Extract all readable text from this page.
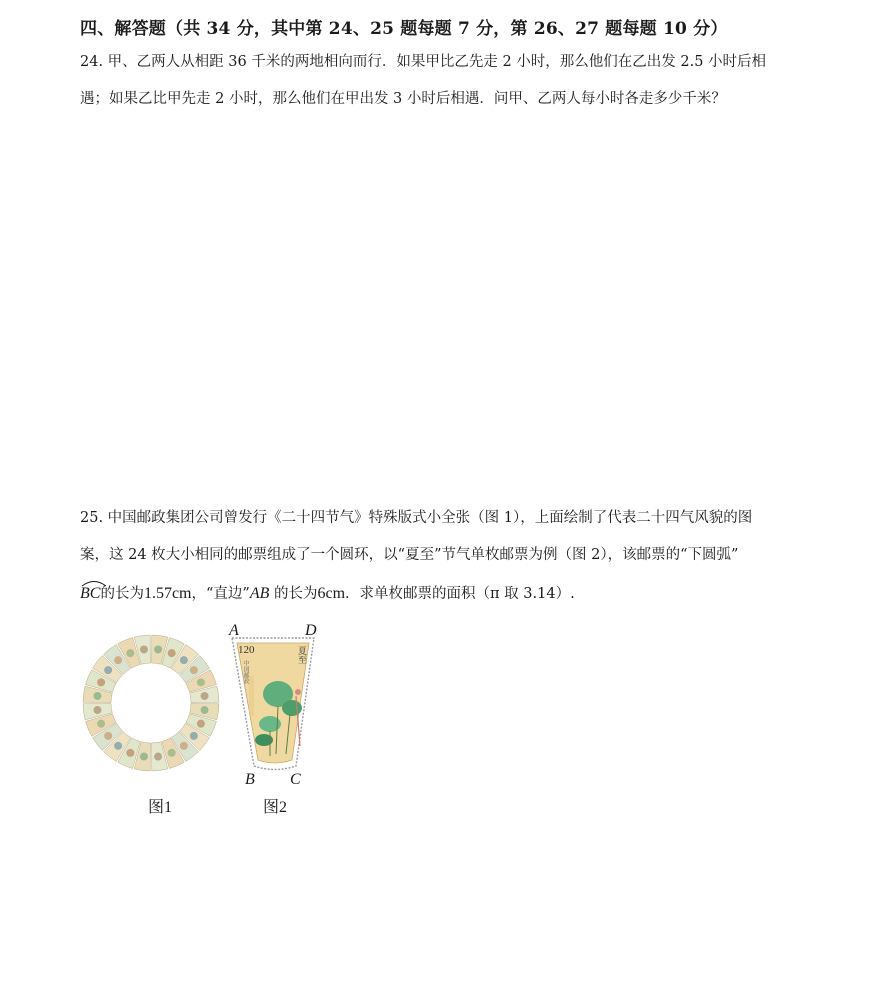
四、解答题（共 34 分，其中第 24、25 题每题 7 分，第 26、27 题每题 10 分）
24. 甲、乙两人从相距 36 千米的两地相向而行．如果甲比乙先走 2 小时，那么他们在乙出发 2.5 小时后相
遇；如果乙比甲先走 2 小时，那么他们在甲出发 3 小时后相遇．问甲、乙两人每小时各走多少千米？
25. 中国邮政集团公司曾发行《二十四节气》特殊版式小全张（图 1），上面绘制了代表二十四气风貌的图
案，这 24 枚大小相同的邮票组成了一个圆环，以“夏至”节气单枚邮票为例（图 2），该邮票的“下圆弧”
BC的长为1.57cm，“直边”AB 的长为6cm．求单枚邮票的面积（π 取 3.14）.
图1
120	夏至
中国邮政
A	D
B C
图2
